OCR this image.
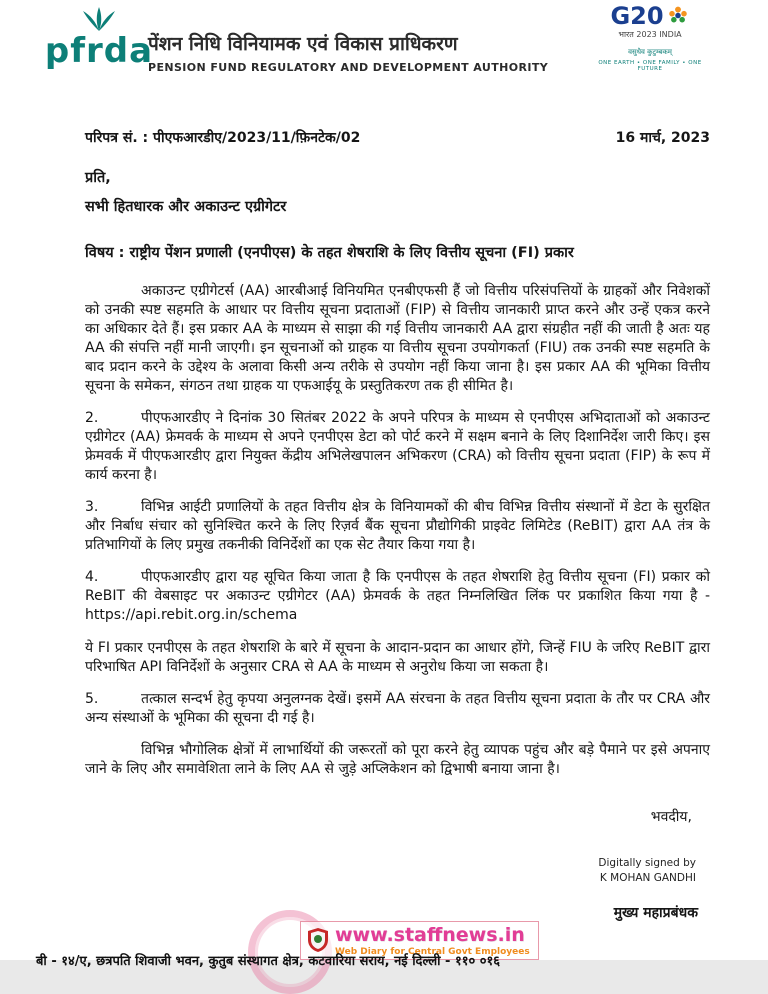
pfrda
पेंशन निधि विनियामक एवं विकास प्राधिकरण
PENSION FUND REGULATORY AND DEVELOPMENT AUTHORITY
G20
भारत 2023 INDIA
वसुधैव कुटुम्बकम्
ONE EARTH • ONE FAMILY • ONE FUTURE
परिपत्र सं. : पीएफआरडीए/2023/11/फ़िनटेक/02	16 मार्च, 2023
प्रति,
सभी हितधारक और अकाउन्ट एग्रीगेटर
विषय : राष्ट्रीय पेंशन प्रणाली (एनपीएस) के तहत शेषराशि के लिए वित्तीय सूचना (FI) प्रकार

अकाउन्ट एग्रीगेटर्स (AA) आरबीआई विनियमित एनबीएफसी हैं जो वित्तीय परिसंपत्तियों के ग्राहकों और निवेशकों को उनकी स्पष्ट सहमति के आधार पर वित्तीय सूचना प्रदाताओं (FIP) से वित्तीय जानकारी प्राप्त करने और उन्हें एकत्र करने का अधिकार देते हैं। इस प्रकार AA के माध्यम से साझा की गई वित्तीय जानकारी AA द्वारा संग्रहीत नहीं की जाती है अतः यह AA की संपत्ति नहीं मानी जाएगी। इन सूचनाओं को ग्राहक या वित्तीय सूचना उपयोगकर्ता (FIU) तक उनकी स्पष्ट सहमति के बाद प्रदान करने के उद्देश्य के अलावा किसी अन्य तरीके से उपयोग नहीं किया जाना है। इस प्रकार AA की भूमिका वित्तीय सूचना के समेकन, संगठन तथा ग्राहक या एफआईयू के प्रस्तुतिकरण तक ही सीमित है।

2.	पीएफआरडीए ने दिनांक 30 सितंबर 2022 के अपने परिपत्र के माध्यम से एनपीएस अभिदाताओं को अकाउन्ट एग्रीगेटर (AA) फ्रेमवर्क के माध्यम से अपने एनपीएस डेटा को पोर्ट करने में सक्षम बनाने के लिए दिशानिर्देश जारी किए। इस फ्रेमवर्क में पीएफआरडीए द्वारा नियुक्त केंद्रीय अभिलेखपालन अभिकरण (CRA) को वित्तीय सूचना प्रदाता (FIP) के रूप में कार्य करना है।

3.	विभिन्न आईटी प्रणालियों के तहत वित्तीय क्षेत्र के विनियामकों की बीच विभिन्न वित्तीय संस्थानों में डेटा के सुरक्षित और निर्बाध संचार को सुनिश्चित करने के लिए रिज़र्व बैंक सूचना प्रौद्योगिकी प्राइवेट लिमिटेड (ReBIT) द्वारा AA तंत्र के प्रतिभागियों के लिए प्रमुख तकनीकी विनिर्देशों का एक सेट तैयार किया गया है।

4.	पीएफआरडीए द्वारा यह सूचित किया जाता है कि एनपीएस के तहत शेषराशि हेतु वित्तीय सूचना (FI) प्रकार को ReBIT की वेबसाइट पर अकाउन्ट एग्रीगेटर (AA) फ्रेमवर्क के तहत निम्नलिखित लिंक पर प्रकाशित किया गया है - https://api.rebit.org.in/schema

ये FI प्रकार एनपीएस के तहत शेषराशि के बारे में सूचना के आदान-प्रदान का आधार होंगे, जिन्हें FIU के जरिए ReBIT द्वारा परिभाषित API विनिर्देशों के अनुसार CRA से AA के माध्यम से अनुरोध किया जा सकता है।

5.	तत्काल सन्दर्भ हेतु कृपया अनुलग्नक देखें। इसमें AA संरचना के तहत वित्तीय सूचना प्रदाता के तौर पर CRA और अन्य संस्थाओं के भूमिका की सूचना दी गई है।

विभिन्न भौगोलिक क्षेत्रों में लाभार्थियों की जरूरतों को पूरा करने हेतु व्यापक पहुंच और बड़े पैमाने पर इसे अपनाए जाने के लिए और समावेशिता लाने के लिए AA से जुड़े अप्लिकेशन को द्विभाषी बनाया जाना है।

भवदीय,
Digitally signed by
K MOHAN GANDHI
मुख्य महाप्रबंधक
www.staffnews.in
Web Diary for Central Govt Employees
बी - १४/ए, छत्रपति शिवाजी भवन, कुतुब संस्थागत क्षेत्र, कटवारिया सराय, नई दिल्ली - ११० ०१६
